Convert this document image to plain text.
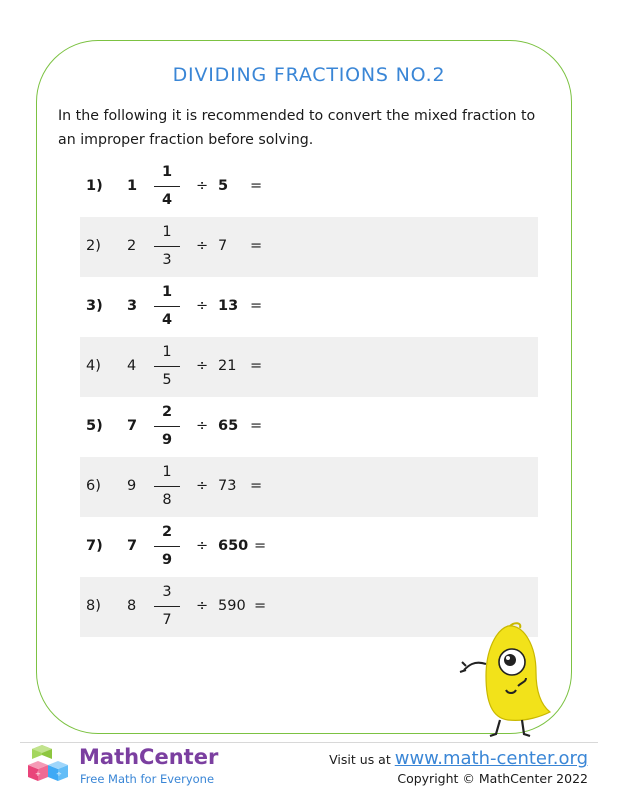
DIVIDING FRACTIONS NO.2
In the following it is recommended to convert the mixed fraction to an improper fraction before solving.
1) 1
1
4
÷ 5 =
2) 2
1
3
÷ 7 =
3) 3
1
4
÷ 13 =
4) 4
1
5
÷ 21 =
5) 7
2
9
÷ 65 =
6) 9
1
8
÷ 73 =
7) 7
2
9
÷ 650 =
8) 8
3
7
÷ 590 =
+ ÷
MathCenter
Free Math for Everyone
Visit us at www.math-center.org
Copyright © MathCenter 2022
